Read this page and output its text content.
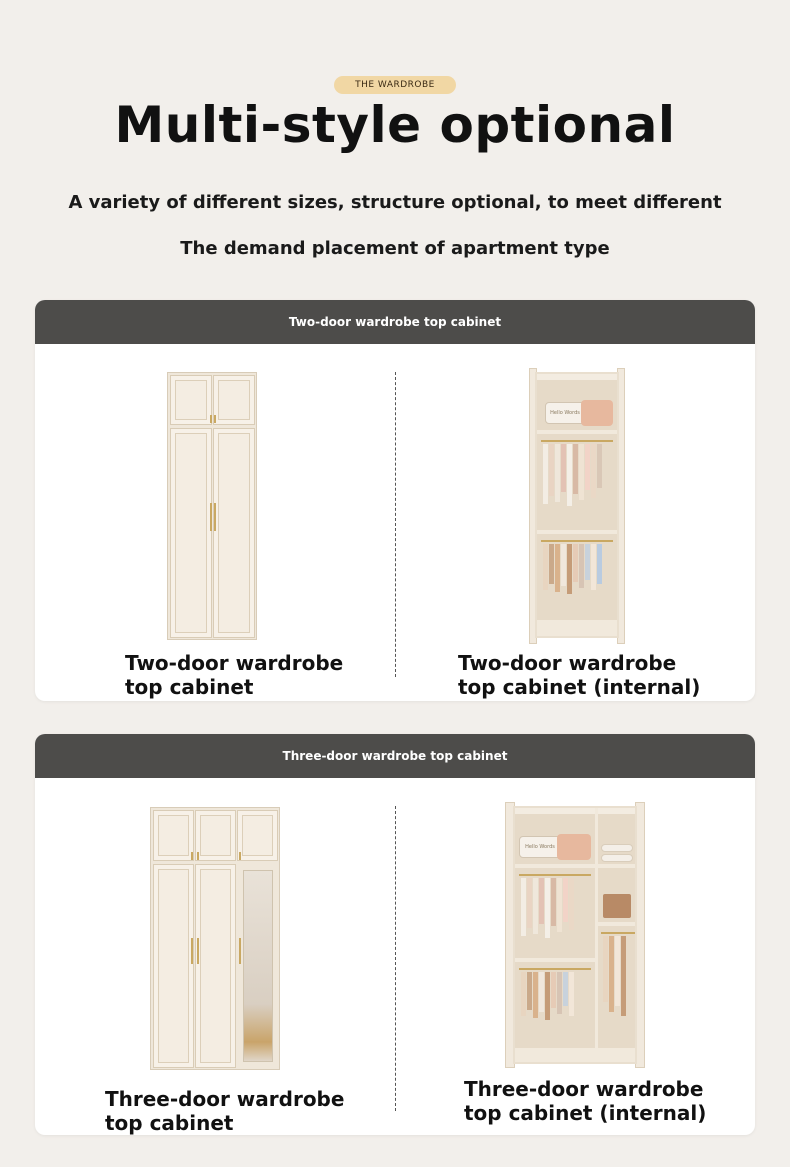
THE WARDROBE
Multi-style optional
A variety of different sizes, structure optional, to meet different
The demand placement of apartment type
Two-door wardrobe top cabinet
Two-door wardrobe
top cabinet
Hello Words
Two-door wardrobe
top cabinet (internal)
Three-door wardrobe top cabinet
Three-door wardrobe
top cabinet
Hello Words
Three-door wardrobe
top cabinet (internal)
